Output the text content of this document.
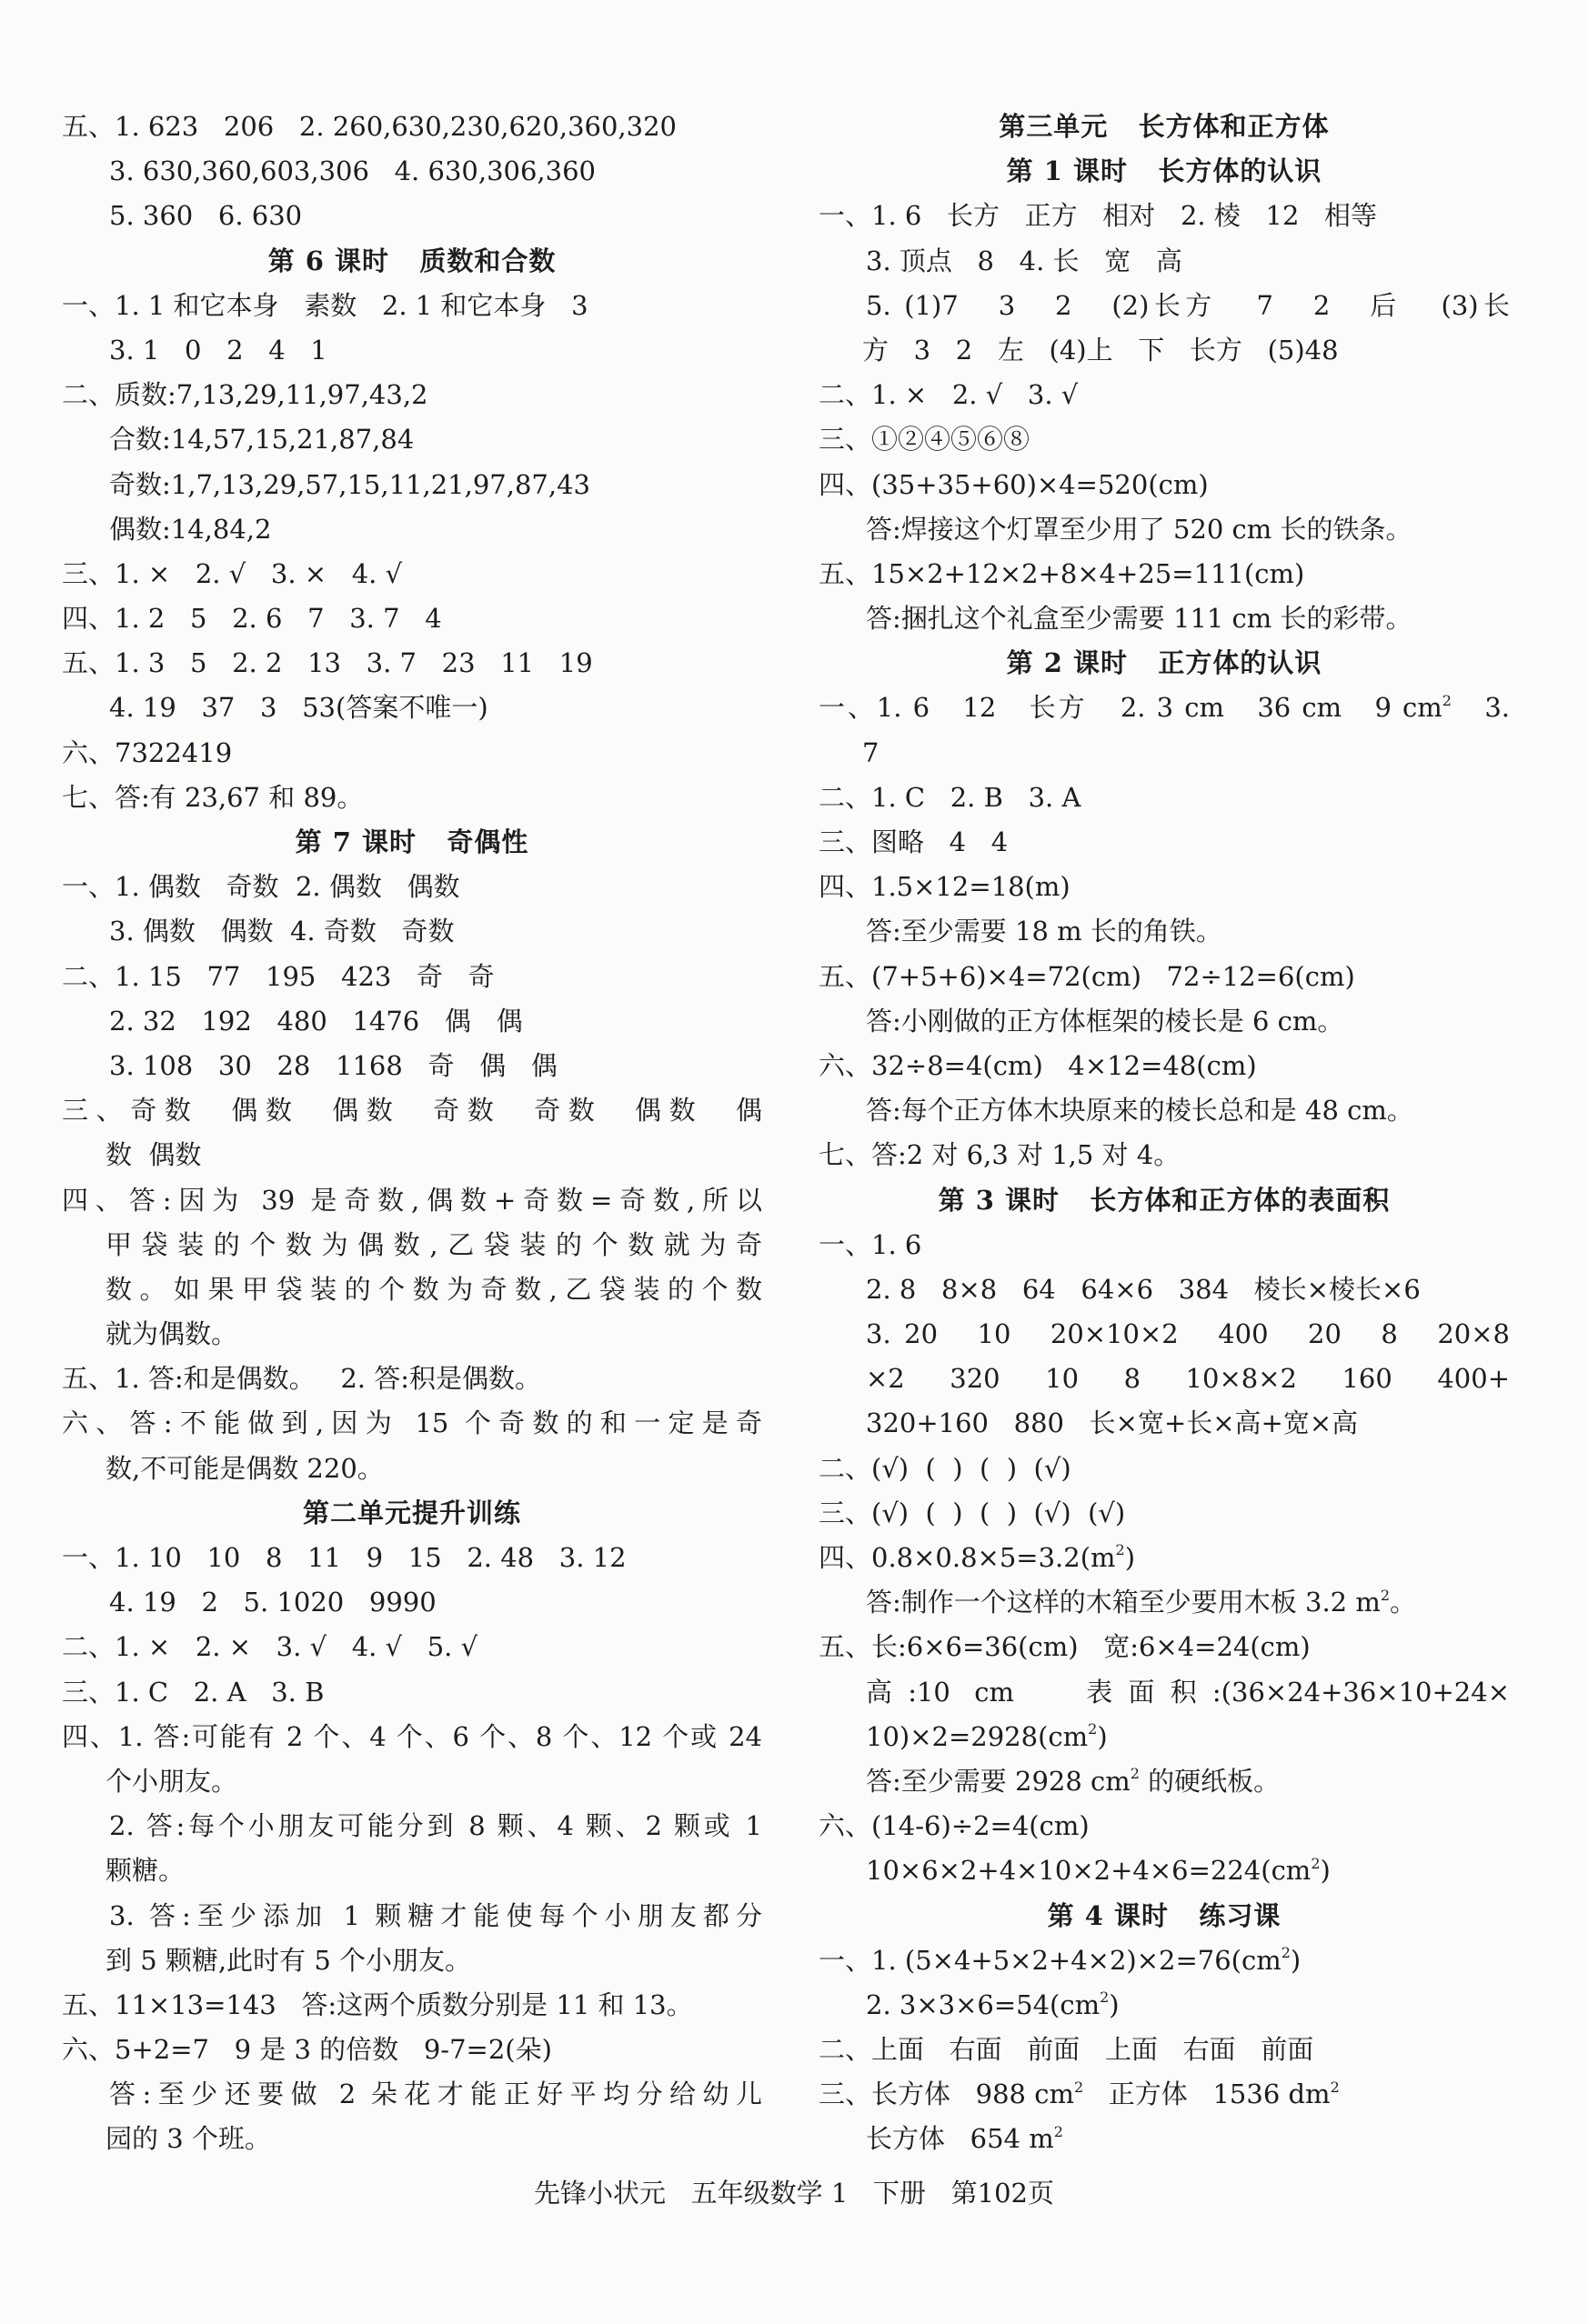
五、1. 623   206   2. 260,630,230,620,360,320
3. 630,360,603,306   4. 630,306,360
5. 360   6. 630
第 6 课时   质数和合数
一、1. 1 和它本身   素数   2. 1 和它本身   3
3. 1   0   2   4   1
二、质数:7,13,29,11,97,43,2
合数:14,57,15,21,87,84
奇数:1,7,13,29,57,15,11,21,97,87,43
偶数:14,84,2
三、1. ×   2. √   3. ×   4. √
四、1. 2   5   2. 6   7   3. 7   4
五、1. 3   5   2. 2   13   3. 7   23   11   19
4. 19   37   3   53(答案不唯一)
六、7322419
七、答:有 23,67 和 89。
第 7 课时   奇偶性
一、1. 偶数   奇数  2. 偶数   偶数
3. 偶数   偶数  4. 奇数   奇数
二、1. 15   77   195   423   奇   奇
2. 32   192   480   1476   偶   偶
3. 108   30   28   1168   奇   偶   偶
三、奇数  偶数  偶数  奇数  奇数  偶数  偶
数  偶数
四、答:因为 39 是奇数,偶数+奇数=奇数,所以
甲袋装的个数为偶数,乙袋装的个数就为奇
数。如果甲袋装的个数为奇数,乙袋装的个数
就为偶数。
五、1. 答:和是偶数。   2. 答:积是偶数。
六、答:不能做到,因为 15 个奇数的和一定是奇
数,不可能是偶数 220。
第二单元提升训练
一、1. 10   10   8   11   9   15   2. 48   3. 12
4. 19   2   5. 1020   9990
二、1. ×   2. ×   3. √   4. √   5. √
三、1. C   2. A   3. B
四、1. 答:可能有 2 个、4 个、6 个、8 个、12 个或 24
个小朋友。
2. 答:每个小朋友可能分到 8 颗、4 颗、2 颗或 1
颗糖。
3. 答:至少添加 1 颗糖才能使每个小朋友都分
到 5 颗糖,此时有 5 个小朋友。
五、11×13=143   答:这两个质数分别是 11 和 13。
六、5+2=7   9 是 3 的倍数   9-7=2(朵)
答:至少还要做 2 朵花才能正好平均分给幼儿
园的 3 个班。
第三单元   长方体和正方体
第 1 课时   长方体的认识
一、1. 6   长方   正方   相对   2. 棱   12   相等
3. 顶点   8   4. 长   宽   高
5. (1)7   3   2   (2)长方   7   2   后   (3)长
方   3   2   左   (4)上   下   长方   (5)48
二、1. ×   2. √   3. √
三、①②④⑤⑥⑧
四、(35+35+60)×4=520(cm)
答:焊接这个灯罩至少用了 520 cm 长的铁条。
五、15×2+12×2+8×4+25=111(cm)
答:捆扎这个礼盒至少需要 111 cm 长的彩带。
第 2 课时   正方体的认识
一、1. 6   12   长方   2. 3 cm   36 cm   9 $cm^2$   3.
7
二、1. C   2. B   3. A
三、图略   4   4
四、1.5×12=18(m)
答:至少需要 18 m 长的角铁。
五、(7+5+6)×4=72(cm)   72÷12=6(cm)
答:小刚做的正方体框架的棱长是 6 cm。
六、32÷8=4(cm)   4×12=48(cm)
答:每个正方体木块原来的棱长总和是 48 cm。
七、答:2 对 6,3 对 1,5 对 4。
第 3 课时   长方体和正方体的表面积
一、1. 6
2. 8   8×8   64   64×6   384   棱长×棱长×6
3. 20   10   20×10×2   400   20   8   20×8
×2   320   10   8   10×8×2   160   400+
320+160   880   长×宽+长×高+宽×高
二、(√)  (  )  (  )  (√)
三、(√)  (  )  (  )  (√)  (√)
四、$0.8\times 0.8\times 5=3.2(m^2)$
答:制作一个这样的木箱至少要用木板 3.2 $m^2$。
五、长:6×6=36(cm)   宽:6×4=24(cm)
高:10 cm   表面积:(36×24+36×10+24×
$10)\times 2=2928(cm^2)$
答:至少需要 2928 $cm^2$ 的硬纸板。
六、(14-6)÷2=4(cm)
$10\times 6\times 2+4\times 10\times 2+4\times 6=224(cm^2)$
第 4 课时   练习课
一、1. $(5\times 4+5\times 2+4\times 2)\times 2=76(cm^2)$
2. $3\times 3\times 6=54(cm^2)$
二、上面   右面   前面   上面   右面   前面
三、长方体   988 $cm^2$   正方体   1536 $dm^2$
长方体   654 $m^2$
先锋小状元   五年级数学 1   下册   第102页
